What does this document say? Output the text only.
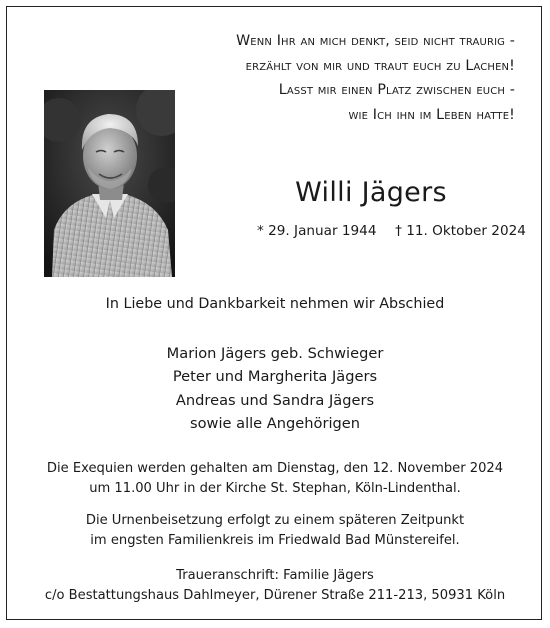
Wenn Ihr an mich denkt, seid nicht traurig -
erzählt von mir und traut euch zu Lachen!
Lasst mir einen Platz zwischen euch -
wie Ich ihn im Leben hatte!
Willi Jägers
* 29. Januar 1944 † 11. Oktober 2024
In Liebe und Dankbarkeit nehmen wir Abschied
Marion Jägers geb. Schwieger
Peter und Margherita Jägers
Andreas und Sandra Jägers
sowie alle Angehörigen
Die Exequien werden gehalten am Dienstag, den 12. November 2024
um 11.00 Uhr in der Kirche St. Stephan, Köln-Lindenthal.
Die Urnenbeisetzung erfolgt zu einem späteren Zeitpunkt
im engsten Familienkreis im Friedwald Bad Münstereifel.
Traueranschrift: Familie Jägers
c/o Bestattungshaus Dahlmeyer, Dürener Straße 211-213, 50931 Köln
